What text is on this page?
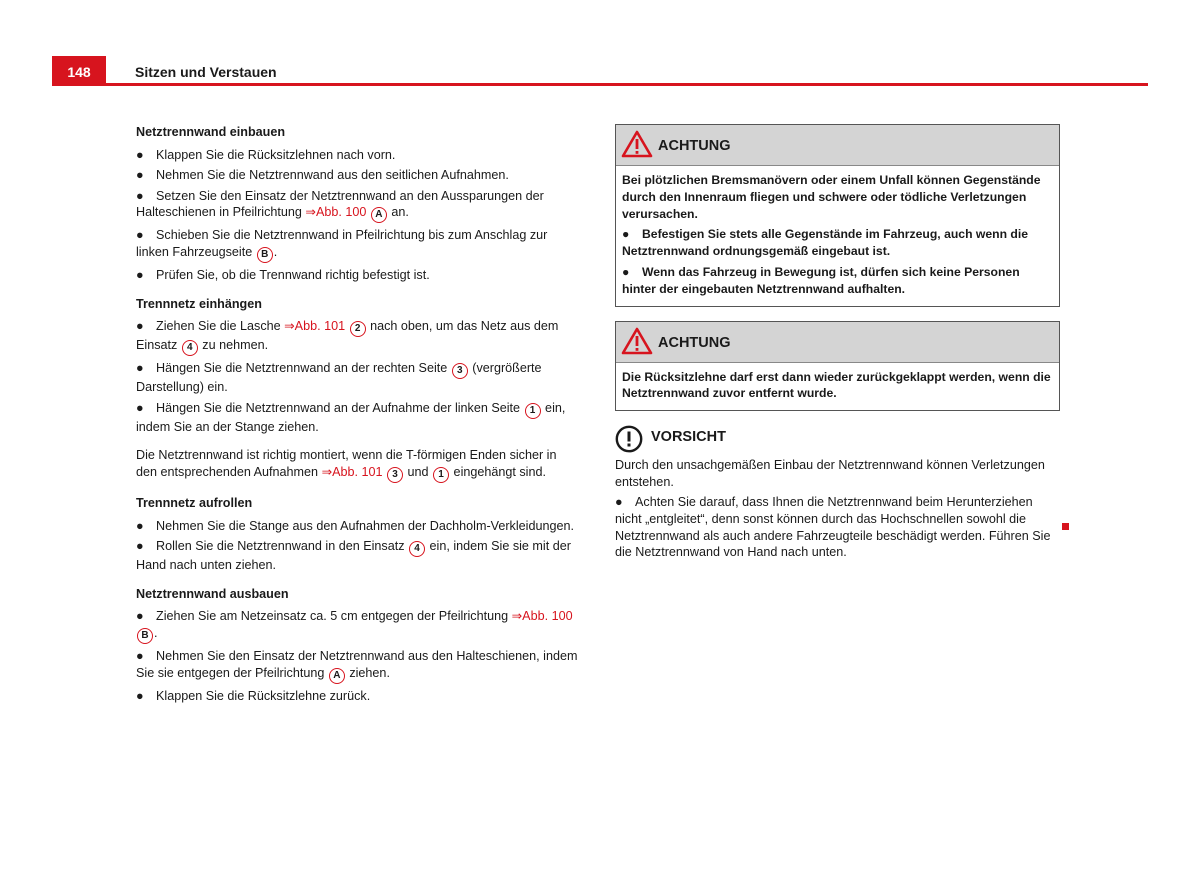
148	Sitzen und Verstauen
Netztrennwand einbauen
● Klappen Sie die Rücksitzlehnen nach vorn.
● Nehmen Sie die Netztrennwand aus den seitlichen Aufnahmen.
● Setzen Sie den Einsatz der Netztrennwand an den Aussparungen der Halteschienen in Pfeilrichtung ⇒Abb. 100 A an.
● Schieben Sie die Netztrennwand in Pfeilrichtung bis zum Anschlag zur linken Fahrzeugseite B .
● Prüfen Sie, ob die Trennwand richtig befestigt ist.
Trennnetz einhängen
● Ziehen Sie die Lasche ⇒Abb. 101 2 nach oben, um das Netz aus dem Einsatz 4 zu nehmen.
● Hängen Sie die Netztrennwand an der rechten Seite 3 (vergrößerte Darstellung) ein.
● Hängen Sie die Netztrennwand an der Aufnahme der linken Seite 1 ein, indem Sie an der Stange ziehen.

Die Netztrennwand ist richtig montiert, wenn die T-förmigen Enden sicher in den entsprechenden Aufnahmen ⇒Abb. 101 3 und 1 eingehängt sind.

Trennnetz aufrollen
● Nehmen Sie die Stange aus den Aufnahmen der Dachholm-Verkleidungen.
● Rollen Sie die Netztrennwand in den Einsatz 4 ein, indem Sie sie mit der Hand nach unten ziehen.
Netztrennwand ausbauen
● Ziehen Sie am Netzeinsatz ca. 5 cm entgegen der Pfeilrichtung ⇒Abb. 100 B .
● Nehmen Sie den Einsatz der Netztrennwand aus den Halteschienen, indem Sie sie entgegen der Pfeilrichtung A ziehen.
● Klappen Sie die Rücksitzlehne zurück.
ACHTUNG

Bei plötzlichen Bremsmanövern oder einem Unfall können Gegenstände durch den Innenraum fliegen und schwere oder tödliche Verletzungen verursachen.

● Befestigen Sie stets alle Gegenstände im Fahrzeug, auch wenn die Netztrennwand ordnungsgemäß eingebaut ist.
● Wenn das Fahrzeug in Bewegung ist, dürfen sich keine Personen hinter der eingebauten Netztrennwand aufhalten.
ACHTUNG

Die Rücksitzlehne darf erst dann wieder zurückgeklappt werden, wenn die Netztrennwand zuvor entfernt wurde.

VORSICHT

Durch den unsachgemäßen Einbau der Netztrennwand können Verletzungen entstehen.

● Achten Sie darauf, dass Ihnen die Netztrennwand beim Herunterziehen nicht „entgleitet“, denn sonst können durch das Hochschnellen sowohl die Netztrennwand als auch andere Fahrzeugteile beschädigt werden. Führen Sie die Netztrennwand von Hand nach unten.
